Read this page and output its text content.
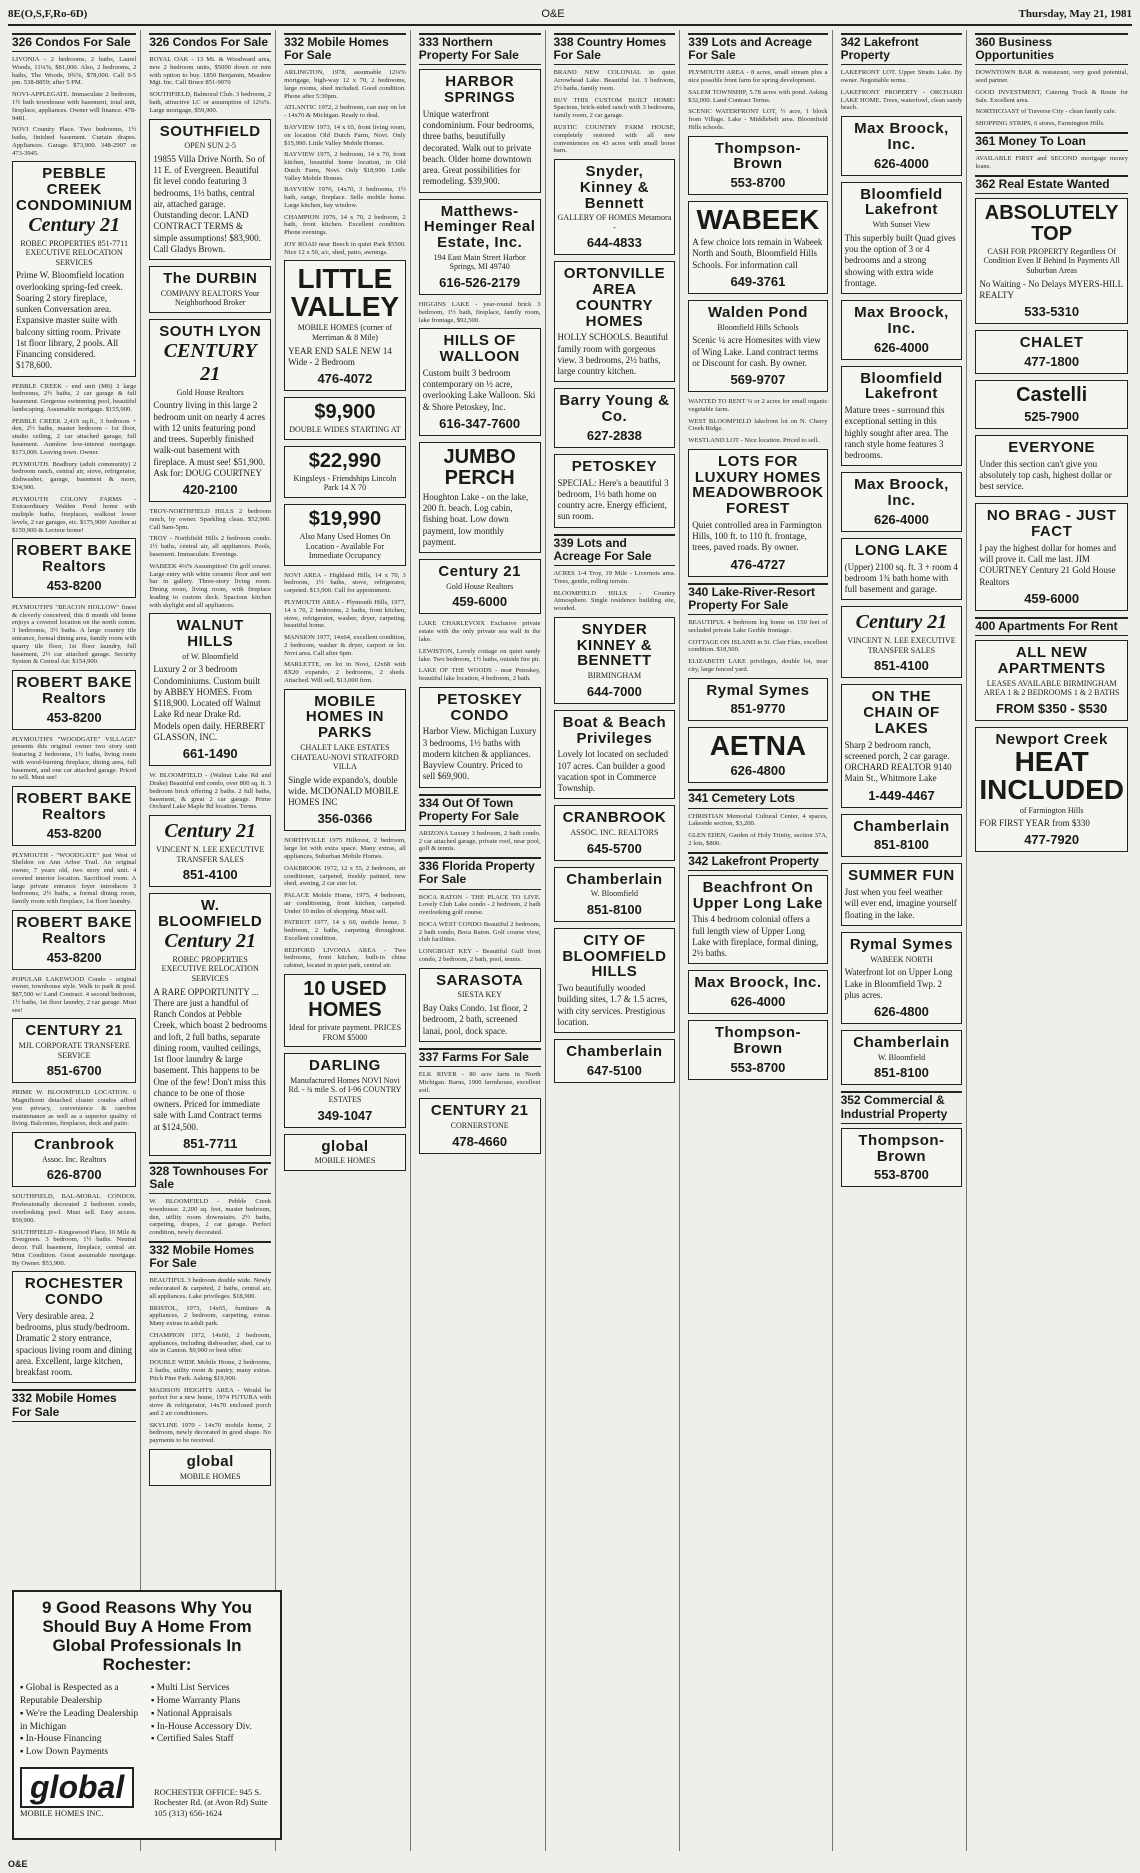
8E(O,S,F,Ro-6D)	O&E	Thursday, May 21, 1981
326 Condos For Sale

LIVONIA - 2 bedrooms, 2 baths, Laurel Woods, 11¼%, $81,000. Also, 2 bedrooms, 2 baths, The Woods, 9¾%, $78,000. Call 9-5 pm. 538-8859; after 5 PM.

NOVI-APPLEGATE. Immaculate 2 bedroom, 1½ bath townhouse with basement, total unit, fireplace, appliances. Owner will finance. 478-9481.

NOVI Country Place. Two bedrooms, 1½ baths, finished basement. Curtain drapes. Appliances. Garage. $73,900. 348-2997 or 473-3945.

PEBBLE CREEK CONDOMINIUM
Century 21
ROBEC PROPERTIES 851-7711 EXECUTIVE RELOCATION SERVICES
Prime W. Bloomfield location overlooking spring-fed creek. Soaring 2 story fireplace, sunken Conversation area. Expansive master suite with balcony sitting room. Private 1st floor library, 2 pools. All Financing considered. $178,600.

PEBBLE CREEK - end unit (M6) 2 large bedrooms, 2½ baths, 2 car garage & full basement. Gorgeous swimming pool, beautiful landscaping. Assumable mortgage. $155,900.

PEBBLE CREEK 2,419 sq.ft., 3 bedroom + den, 2½ baths, master bedroom - 1st floor, studio ceiling, 2 car attached garage, full basement. Aumlow low-interest mortgage. $173,000. Leaving town. Owner.

PLYMOUTH. Bradbury (adult community) 2 bedroom ranch, central air, stove, refrigerator, dishwasher, garage, basement & more, $34,900.

PLYMOUTH COLONY FARMS - Extraordinary Walden Pond home with multiple baths, fireplaces, walkout lower levels, 2 car garages, etc. $175,900! Another at $159,900 & Lecteur home!

ROBERT BAKE Realtors
453-8200

PLYMOUTH'S "BEACON HOLLOW" finest & cleverly conceived, this 8 month old home enjoys a covered location on the north comm. 3 bedrooms, 3½ baths. A large country tile entrance, formal dining area, family room with quarry tile floor, 1st floor laundry, full basement, 2½ car attached garage. Security System & Central Air. $154,900.

ROBERT BAKE Realtors
453-8200

PLYMOUTH'S "WOODGATE" VILLAGE" presents this original owner two story unit featuring 2 bedrooms, 1½ baths, living room with wood-burning fireplace, dining area, full basement, and one car attached garage. Priced to sell. Must see!

ROBERT BAKE Realtors
453-8200

PLYMOUTH - "WOODGATE" just West of Sheldon on Ann Arbor Trail. An original owner, 7 years old, two story end unit. 4 coveted interior location. Sacrificed room. A large private entrance foyer introduces 3 bedrooms, 2½ baths, a formal dining room, family room with fireplace, 1st floor laundry.

ROBERT BAKE Realtors
453-8200

POPULAR LAKEWOOD Condo - original owner, townhouse style. Walk to park & pool. $87,500 w/ Land Contract. 4 second bedroom, 1½ baths, 1st floor laundry, 2 car garage. Must see!

CENTURY 21
MJL CORPORATE TRANSFERE SERVICE
851-6700

PRIME W. BLOOMFIELD LOCATION. 6 Magnificent detached cluster condos afford you privacy, convenience & carefree maintenance as well as a superior quality of living. Balconies, fireplaces, deck and patio.

Cranbrook
Assoc. Inc. Realtors
626-8700

SOUTHFIELD, BAL-MORAL CONDOS. Professionally decorated 2 bedroom condo, overlooking pool. Must sell. Easy access. $59,900.

SOUTHFIELD - Kingswood Place, 10 Mile & Evergreen. 3 bedroom, 1½ baths. Neutral decor. Full basement, fireplace, central air. Mint Condition. Great assumable mortgage. By Owner. $53,900.

ROCHESTER CONDO
Very desirable area. 2 bedrooms, plus study/bedroom. Dramatic 2 story entrance, spacious living room and dining area. Excellent, large kitchen, breakfast room.
332 Mobile Homes For Sale
326 Condos For Sale

ROYAL OAK - 13 Mi. & Woodward area, new 2 bedroom units, $5000 down or rent with option to buy. 1850 Benjamin, Meadow Mgt. Inc. Call Bruce 851-9070

SOUTHFIELD, Balmoral Club. 3 bedroom, 2 bath, attractive LC or assumption of 12¼%. Large mortgage, $59,900.

SOUTHFIELD
OPEN SUN 2-5
19855 Villa Drive North. So of 11 E. of Evergreen. Beautiful fit level condo featuring 3 bedrooms, 1½ baths, central air, attached garage. Outstanding decor. LAND CONTRACT TERMS & simple assumptions! $83,900. Call Gladys Brown.
The DURBIN
COMPANY REALTORS Your Neighborhood Broker
SOUTH LYON
CENTURY 21
Gold House Realtors
Country living in this large 2 bedroom unit on nearly 4 acres with 12 units featuring pond and trees. Superbly finished walk-out basement with fireplace. A must see! $51,900. Ask for: DOUG COURTNEY
420-2100

TROY-NORTHFIELD HILLS 2 bedroom ranch, by owner. Sparkling clean. $52,900. Call 9am-5pm.

TROY - Northfield Hills 2 bedroom condo. 1½ baths, central air, all appliances. Pools, basement. Immaculate. Evenings.

WABEEK 4¼% Assumption! On golf course. Large entry with white ceramic floor and wet bar in gallery. Three-story living room. Dining room, living room, with fireplace leading to custom deck. Spacious kitchen with skylight and all appliances.

WALNUT HILLS
of W. Bloomfield
Luxury 2 or 3 bedroom Condominiums. Custom built by ABBEY HOMES. From $118,900. Located off Walnut Lake Rd near Drake Rd. Models open daily. HERBERT GLASSON, INC.
661-1490

W. BLOOMFIELD - (Walnut Lake Rd and Drake) Beautiful end condo, over 800 sq. ft. 3 bedroom brick offering 2 baths. 2 full baths, basement, & great 2 car garage. Prime Orchard Lake Maple Rd location. Terms.

Century 21
VINCENT N. LEE EXECUTIVE TRANSFER SALES
851-4100
W. BLOOMFIELD
Century 21
ROBEC PROPERTIES EXECUTIVE RELOCATION SERVICES
A RARE OPPORTUNITY ... There are just a handful of Ranch Condos at Pebble Creek, which boast 2 bedrooms and loft, 2 full baths, separate dining room, vaulted ceilings, 1st floor laundry & large basement. This happens to be One of the few! Don't miss this chance to be one of those owners. Priced for immediate sale with Land Contract terms at $124,500.
851-7711
328 Townhouses For Sale

W. BLOOMFIELD - Pebble Creek townhouse. 2,200 sq. feet, master bedroom, den, utility room downstairs. 2½ baths, carpeting, drapes, 2 car garage. Perfect condition, newly decorated.

332 Mobile Homes For Sale

BEAUTIFUL 3 bedroom double wide. Newly redecorated & carpeted, 2 baths, central air, all appliances. Lake privileges. $18,900.

BRISTOL, 1973, 14x65, furniture & appliances, 2 bedroom, carpeting, extras. Many extras in adult park.

CHAMPION 1972, 14x60, 2 bedroom, appliances, including dishwasher, shed, car to site in Canton. $9,900 or best offer.

DOUBLE WIDE Mobile Home, 2 bedrooms, 2 baths, utility room & pantry, many extras. Pitch Pine Park. Asking $19,900.

MADISON HEIGHTS AREA - Would be perfect for a new home, 1974 FUTURA with stove & refrigerator, 14x70 enclosed porch and 2 air conditioners.

SKYLINE 1970 - 14x70 mobile home, 2 bedroom, newly decorated in good shape. No payments to be received.

global
MOBILE HOMES
332 Mobile Homes For Sale

ARLINGTON, 1978, assumable 12¼% mortgage, high-way 12 x 70, 2 bedrooms, large rooms, shed included. Good condition. Phone after 5:30pm.

ATLANTIC 1972, 2 bedroom, can stay on lot - 14x70 & Michigan. Ready to deal.

BAYVIEW 1973, 14 x 65, front living room, on location Old Dutch Farm, Novi. Only $15,990. Little Valley Mobile Homes.

BAYVIEW 1975, 2 bedroom, 14 x 70, front kitchen, beautiful home location, in Old Dutch Farm, Novi. Only $18,990. Little Valley Mobile Homes.

BAYVIEW 1976, 14x70, 3 bedrooms, 1½ bath, range, fireplace. Sells mobile home. Large kitchen, bay window.

CHAMPION 1976, 14 x 70, 2 bedroom, 2 bath, front kitchen. Excellent condition. Phone evenings.

JOY ROAD near Beech in quiet Park $5500. Nice 12 x 50, a/c, shed, patio, awnings.

LITTLE VALLEY
MOBILE HOMES (corner of Merriman & 8 Mile)
YEAR END SALE NEW 14 Wide - 2 Bedroom
476-4072
$9,900
DOUBLE WIDES STARTING AT
$22,990
Kingsleys - Friendships Lincoln Park 14 X 70
$19,990
Also Many Used Homes On Location - Available For Immediate Occupancy

NOVI AREA - Highland Hills, 14 x 70, 3 bedroom, 1½ baths, stove, refrigerator, carpeted. $13,900. Call for appointment.

PLYMOUTH AREA - Plymouth Hills, 1977, 14 x 70, 2 bedrooms, 2 baths, front kitchen, stove, refrigerator, washer, dryer, carpeting, beautiful home.

MANSION 1977, 14x64, excellent condition, 2 bedroom, washer & dryer, carport or lot. Novi area. Call after 6pm.

MARLETTE, on lot in Novi, 12x68 with 8X20 expando, 2 bedrooms, 2 sheds. Attached. Will sell, $13,000 firm.

MOBILE HOMES IN PARKS
CHALET LAKE ESTATES CHATEAU-NOVI STRATFORD VILLA
Single wide expando's, double wide. MCDONALD MOBILE HOMES INC
356-0366

NORTHVILLE 1975 Hillcrest, 2 bedroom, large lot with extra space. Many extras, all appliances, Suburban Mobile Homes.

OAKBROOK 1972, 12 x 55, 2 bedroom, air conditioner, carpeted, freshly painted, new shed, awning, 2 car size lot.

PALACE Mobile Home, 1975, 4 bedroom, air conditioning, front kitchen, carpeted. Under 10 miles of shopping. Must sell.

PATRIOT 1977, 14 x 60, mobile home, 3 bedroom, 2 baths, carpeting throughout. Excellent condition.

REDFORD LIVONIA AREA - Two bedrooms, front kitchen, built-in china cabinet, located in quiet park, central air.

10 USED HOMES
Ideal for private payment. PRICES FROM $5000
DARLING
Manufactured Homes NOVI Novi Rd. - ¾ mile S. of I-96 COUNTRY ESTATES
349-1047
global
MOBILE HOMES
333 Northern Property For Sale
HARBOR SPRINGS
Unique waterfront condominium. Four bedrooms, three baths, beautifully decorated. Walk out to private beach. Older home downtown area. Great possibilities for remodeling. $39,900.
Matthews-Heminger Real Estate, Inc.
194 East Main Street Harbor Springs, MI 49740
616-526-2179

HIGGINS LAKE - year-round brick 3 bedroom, 1½ bath, fireplace, family room, lake frontage, $92,500.

HILLS OF WALLOON
Custom built 3 bedroom contemporary on ½ acre, overlooking Lake Walloon. Ski & Shore Petoskey, Inc.
616-347-7600
JUMBO PERCH
Houghton Lake - on the lake, 200 ft. beach. Log cabin, fishing boat. Low down payment, low monthly payment.
Century 21
Gold House Realtors
459-6000

LAKE CHARLEVOIX Exclusive private estate with the only private sea wall in the lake.

LEWISTON, Lovely cottage on quiet sandy lake. Two bedroom, 1½ baths, outside fire pit.

LAKE OF THE WOODS - near Petoskey, beautiful lake location, 4 bedroom, 2 bath.

PETOSKEY CONDO
Harbor View. Michigan Luxury 3 bedrooms, 1½ baths with modern kitchen & appliances. Bayview Country. Priced to sell $69,900.
334 Out Of Town Property For Sale

ARIZONA Luxury 3 bedroom, 2 bath condo. 2 car attached garage, private roof, near pool, golf & tennis.

336 Florida Property For Sale

BOCA RATON - THE PLACE TO LIVE. Lovely Club Lake condo - 2 bedroom, 2 bath overlooking golf course.

BOCA WEST CONDO Beautiful 2 bedroom, 2 bath condo, Boca Raton. Golf course view, club facilities.

LONGBOAT KEY - Beautiful Gulf front condo, 2 bedroom, 2 bath, pool, tennis.

SARASOTA
SIESTA KEY
Bay Oaks Condo. 1st floor, 2 bedroom, 2 bath, screened lanai, pool, dock space.
337 Farms For Sale

ELK RIVER - 80 acre farm in North Michigan. Barns, 1900 farmhouse, excellent soil.

CENTURY 21
CORNERSTONE
478-4660
338 Country Homes For Sale

BRAND NEW COLONIAL in quiet Arrowhead Lake. Beautiful 1st. 3 bedroom, 2½ baths, family room.

BUY THIS CUSTOM BUILT HOME! Spacious, brick-sided ranch with 3 bedrooms, family room, 2 car garage.

RUSTIC COUNTRY FARM HOUSE, completely restored with all new conveniences on 43 acres with small horse barn.

Snyder, Kinney & Bennett
GALLERY OF HOMES Metamora -
644-4833
ORTONVILLE AREA COUNTRY HOMES
HOLLY SCHOOLS. Beautiful family room with gorgeous view. 3 bedrooms, 2½ baths, large country kitchen.
Barry Young & Co.
627-2838
PETOSKEY
SPECIAL: Here's a beautiful 3 bedroom, 1½ bath home on country acre. Energy efficient, sun room.
339 Lots and Acreage For Sale

ACRES 1-4 Troy, 19 Mile - Livernois area. Trees, gentle, rolling terrain.

BLOOMFIELD HILLS - Country Atmosphere. Single residence building site, wooded.

SNYDER KINNEY & BENNETT
BIRMINGHAM
644-7000
Boat & Beach Privileges
Lovely lot located on secluded 107 acres. Can builder a good vacation spot in Commerce Township.
CRANBROOK
ASSOC. INC. REALTORS
645-5700
Chamberlain
W. Bloomfield
851-8100
CITY OF BLOOMFIELD HILLS
Two beautifully wooded building sites, 1.7 & 1.5 acres, with city services. Prestigious location.
Chamberlain
647-5100
339 Lots and Acreage For Sale

PLYMOUTH AREA - 8 acres, small stream plus a nice possible front farm for spring development.

SALEM TOWNSHIP, 5.78 acres with pond. Asking $32,000. Land Contract Terms.

SCENIC WATERFRONT LOT, ½ acre, 1 block from Village. Lake - Middlebelt area. Bloomfield Hills schools.

Thompson-Brown
553-8700
WABEEK
A few choice lots remain in Wabeek North and South, Bloomfield Hills Schools. For information call
649-3761
Walden Pond
Bloomfield Hills Schools
Scenic ¼ acre Homesites with view of Wing Lake. Land contract terms or Discount for cash. By owner.
569-9707

WANTED TO RENT ¼ or 2 acres for small organic vegetable farm.

WEST BLOOMFIELD lakefront lot on N. Cherry Creek Ridge.

WESTLAND LOT - Nice location. Priced to sell.

LOTS FOR LUXURY HOMES MEADOWBROOK FOREST
Quiet controlled area in Farmington Hills, 100 ft. to 110 ft. frontage, trees, paved roads. By owner.
476-4727
340 Lake-River-Resort Property For Sale

BEAUTIFUL 4 bedroom log home on 150 feet of secluded private Lake Gerhle frontage.

COTTAGE ON ISLAND in St. Clair Flats, excellent condition. $18,500.

ELIZABETH LAKE privileges, double lot, near city, large fenced yard.

Rymal Symes
851-9770
AETNA
626-4800
341 Cemetery Lots

CHRISTIAN Memorial Cultural Center, 4 spaces, Lakeside section, $3,200.

GLEN EDEN, Garden of Holy Trinity, section 37A, 2 lots, $800.

342 Lakefront Property
Beachfront On Upper Long Lake
This 4 bedroom colonial offers a full length view of Upper Long Lake with fireplace, formal dining, 2½ baths.
Max Broock, Inc.
626-4000
Thompson-Brown
553-8700
342 Lakefront Property

LAKEFRONT LOT. Upper Straits Lake. By owner. Negotiable terms.

LAKEFRONT PROPERTY - ORCHARD LAKE HOME. Trees, waterfowl, clean sandy beach.

Max Broock, Inc.
626-4000
Bloomfield Lakefront
With Sunset View
This superbly built Quad gives you the option of 3 or 4 bedrooms and a strong showing with extra wide frontage.
Max Broock, Inc.
626-4000
Bloomfield Lakefront
Mature trees - surround this exceptional setting in this highly sought after area. The ranch style home features 3 bedrooms.
Max Broock, Inc.
626-4000
LONG LAKE
(Upper) 2100 sq. ft. 3 + room 4 bedroom 1¾ bath home with full basement and garage.
Century 21
VINCENT N. LEE EXECUTIVE TRANSFER SALES
851-4100
ON THE CHAIN OF LAKES
Sharp 2 bedroom ranch, screened porch, 2 car garage. ORCHARD REALTOR 9140 Main St., Whitmore Lake
1-449-4467
Chamberlain
851-8100
SUMMER FUN
Just when you feel weather will ever end, imagine yourself floating in the lake.
Rymal Symes
WABEEK NORTH
Waterfront lot on Upper Long Lake in Bloomfield Twp. 2 plus acres.
626-4800
Chamberlain
W. Bloomfield
851-8100
352 Commercial & Industrial Property
Thompson-Brown
553-8700
360 Business Opportunities

DOWNTOWN BAR & restaurant, very good potential, seed partner.

GOOD INVESTMENT, Catering Truck & Route for Sale. Excellent area.

NORTHCOAST of Traverse City - clean family cafe.

SHOPPING STRIPS, 6 stores, Farmington Hills.

361 Money To Loan

AVAILABLE FIRST and SECOND mortgage money loans.

362 Real Estate Wanted
ABSOLUTELY TOP
CASH FOR PROPERTY Regardless Of Condition Even If Behind In Payments All Suburban Areas
No Waiting - No Delays MYERS-HILL REALTY
533-5310
CHALET
477-1800
Castelli
525-7900
EVERYONE
Under this section can't give you absolutely top cash, highest dollar or best service.
NO BRAG - JUST FACT
I pay the highest dollar for homes and will prove it. Call me last. JIM COURTNEY Century 21 Gold House Realtors
459-6000
400 Apartments For Rent
ALL NEW APARTMENTS
LEASES AVAILABLE BIRMINGHAM AREA 1 & 2 BEDROOMS 1 & 2 BATHS
FROM $350 - $530
Newport Creek
HEAT INCLUDED
of Farmington Hills
FOR FIRST YEAR from $330
477-7920
9 Good Reasons Why You Should Buy A Home From Global Professionals In Rochester:
▪ Global is Respected as a Reputable Dealership
▪ We're the Leading Dealership in Michigan
▪ In-House Financing
▪ Low Down Payments
▪ Multi List Services
▪ Home Warranty Plans
▪ National Appraisals
▪ In-House Accessory Div.
▪ Certified Sales Staff
global
MOBILE HOMES INC.
ROCHESTER OFFICE: 945 S. Rochester Rd. (at Avon Rd) Suite 105 (313) 656-1624
O&E
